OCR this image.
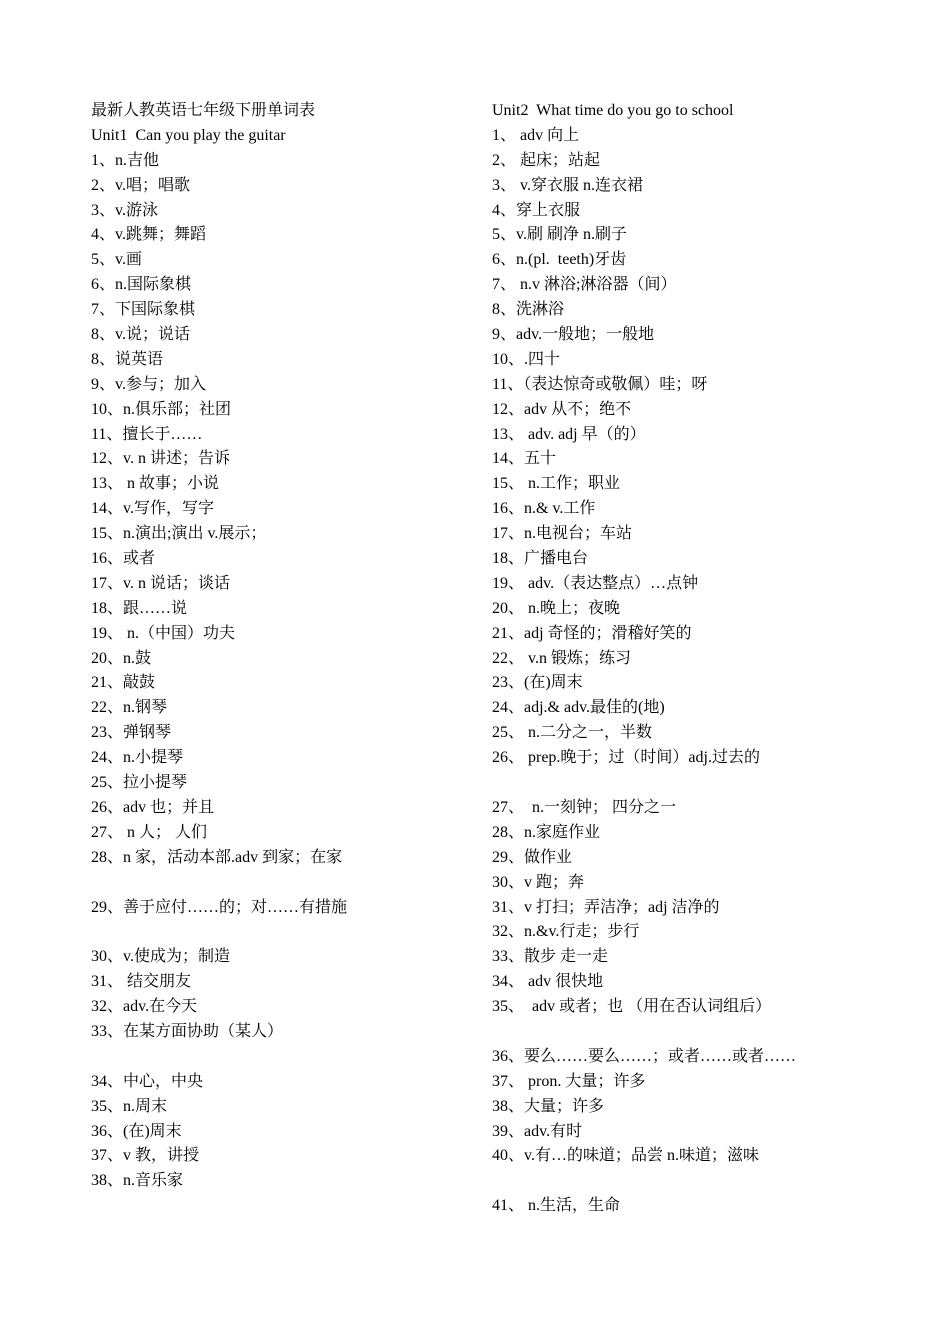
最新人教英语七年级下册单词表
Unit1  Can you play the guitar
1、n.吉他
2、v.唱；唱歌
3、v.游泳
4、v.跳舞；舞蹈
5、v.画
6、n.国际象棋
7、下国际象棋
8、v.说；说话
8、说英语
9、v.参与；加入
10、n.俱乐部；社团
11、擅长于……
12、v. n 讲述；告诉
13、 n 故事；小说
14、v.写作，写字
15、n.演出;演出 v.展示；
16、或者
17、v. n 说话；谈话
18、跟……说
19、 n.（中国）功夫
20、n.鼓
21、敲鼓
22、n.钢琴
23、弹钢琴
24、n.小提琴
25、拉小提琴
26、adv 也；并且
27、 n 人； 人们
28、n 家，活动本部.adv 到家；在家
29、善于应付……的；对……有措施
30、v.使成为；制造
31、 结交朋友
32、adv.在今天
33、在某方面协助（某人）
34、中心，中央
35、n.周末
36、(在)周末
37、v 教，讲授
38、n.音乐家
Unit2  What time do you go to school
1、 adv 向上
2、 起床；站起
3、 v.穿衣服 n.连衣裙
4、穿上衣服
5、v.刷 刷净 n.刷子
6、n.(pl.  teeth)牙齿
7、 n.v 淋浴;淋浴器（间）
8、洗淋浴
9、adv.一般地；一般地
10、.四十
11、（表达惊奇或敬佩）哇；呀
12、adv 从不；绝不
13、 adv. adj 早（的）
14、五十
15、 n.工作；职业
16、n.& v.工作
17、n.电视台；车站
18、广播电台
19、 adv.（表达整点）…点钟
20、 n.晚上；夜晚
21、adj 奇怪的；滑稽好笑的
22、 v.n 锻炼；练习
23、(在)周末
24、adj.& adv.最佳的(地)
25、 n.二分之一，半数
26、 prep.晚于；过（时间）adj.过去的
27、  n.一刻钟； 四分之一
28、n.家庭作业
29、做作业
30、v 跑；奔
31、v 打扫；弄洁净；adj 洁净的
32、n.&v.行走；步行
33、散步 走一走
34、 adv 很快地
35、  adv 或者；也 （用在否认词组后）
36、要么……要么……；或者……或者……
37、 pron. 大量；许多
38、大量；许多
39、adv.有时
40、v.有…的味道；品尝 n.味道；滋味
41、 n.生活，生命
